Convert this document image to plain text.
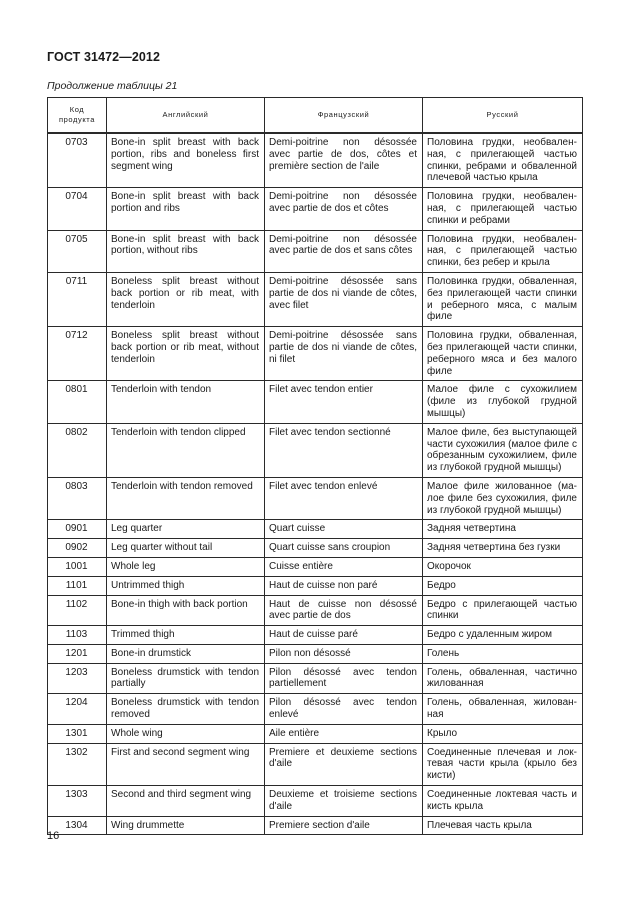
ГОСТ 31472—2012
Продолжение таблицы 21
Код продукта	Английский	Французский	Русский
0703	Bone-in split breast with back portion, ribs and boneless first segment wing	Demi-poitrine non désossée avec partie de dos, côtes et première section de l'aile	Половина грудки, необваленная, с прилегающей частью спинки, ребрами и обваленной плечевой частью крыла
0704	Bone-in split breast with back portion and ribs	Demi-poitrine non désossée avec partie de dos et côtes	Половина грудки, необваленная, с прилегающей частью спинки и ребрами
0705	Bone-in split breast with back portion, without ribs	Demi-poitrine non désossée avec partie de dos et sans côtes	Половина грудки, необваленная, с прилегающей частью спинки, без ребер и крыла
0711	Boneless split breast without back portion or rib meat, with tenderloin	Demi-poitrine désossée sans partie de dos ni viande de côtes, avec filet	Половинка грудки, обваленная, без прилегающей части спинки и реберного мяса, с малым филе
0712	Boneless split breast without back portion or rib meat, without tenderloin	Demi-poitrine désossée sans partie de dos ni viande de côtes, ni filet	Половина грудки, обваленная, без прилегающей части спинки, реберного мяса и без малого филе
0801	Tenderloin with tendon	Filet avec tendon entier	Малое филе с сухожилием (филе из глубокой грудной мышцы)
0802	Tenderloin with tendon clipped	Filet avec tendon sectionné	Малое филе, без выступающей части сухожилия (малое филе с обрезанным сухожилием, филе из глубокой грудной мышцы)
0803	Tenderloin with tendon removed	Filet avec tendon enlevé	Малое филе жилованное (малое филе без сухожилия, филе из глубокой грудной мышцы)
0901	Leg quarter	Quart cuisse	Задняя четвертина
0902	Leg quarter without tail	Quart cuisse sans croupion	Задняя четвертина без гузки
1001	Whole leg	Cuisse entière	Окорочок
1101	Untrimmed thigh	Haut de cuisse non paré	Бедро
1102	Bone-in thigh with back portion	Haut de cuisse non désossé avec partie de dos	Бедро с прилегающей частью спинки
1103	Trimmed thigh	Haut de cuisse paré	Бедро с удаленным жиром
1201	Bone-in drumstick	Pilon non désossé	Голень
1203	Boneless drumstick with tendon partially	Pilon désossé avec tendon partiellement	Голень, обваленная, частично жилованная
1204	Boneless drumstick with tendon removed	Pilon désossé avec tendon enlevé	Голень, обваленная, жилованная
1301	Whole wing	Aile entière	Крыло
1302	First and second segment wing	Premiere et deuxieme sections d'aile	Соединенные плечевая и локтевая части крыла (крыло без кисти)
1303	Second and third segment wing	Deuxieme et troisieme sections d'aile	Соединенные локтевая часть и кисть крыла
1304	Wing drummette	Premiere section d'aile	Плечевая часть крыла
16
